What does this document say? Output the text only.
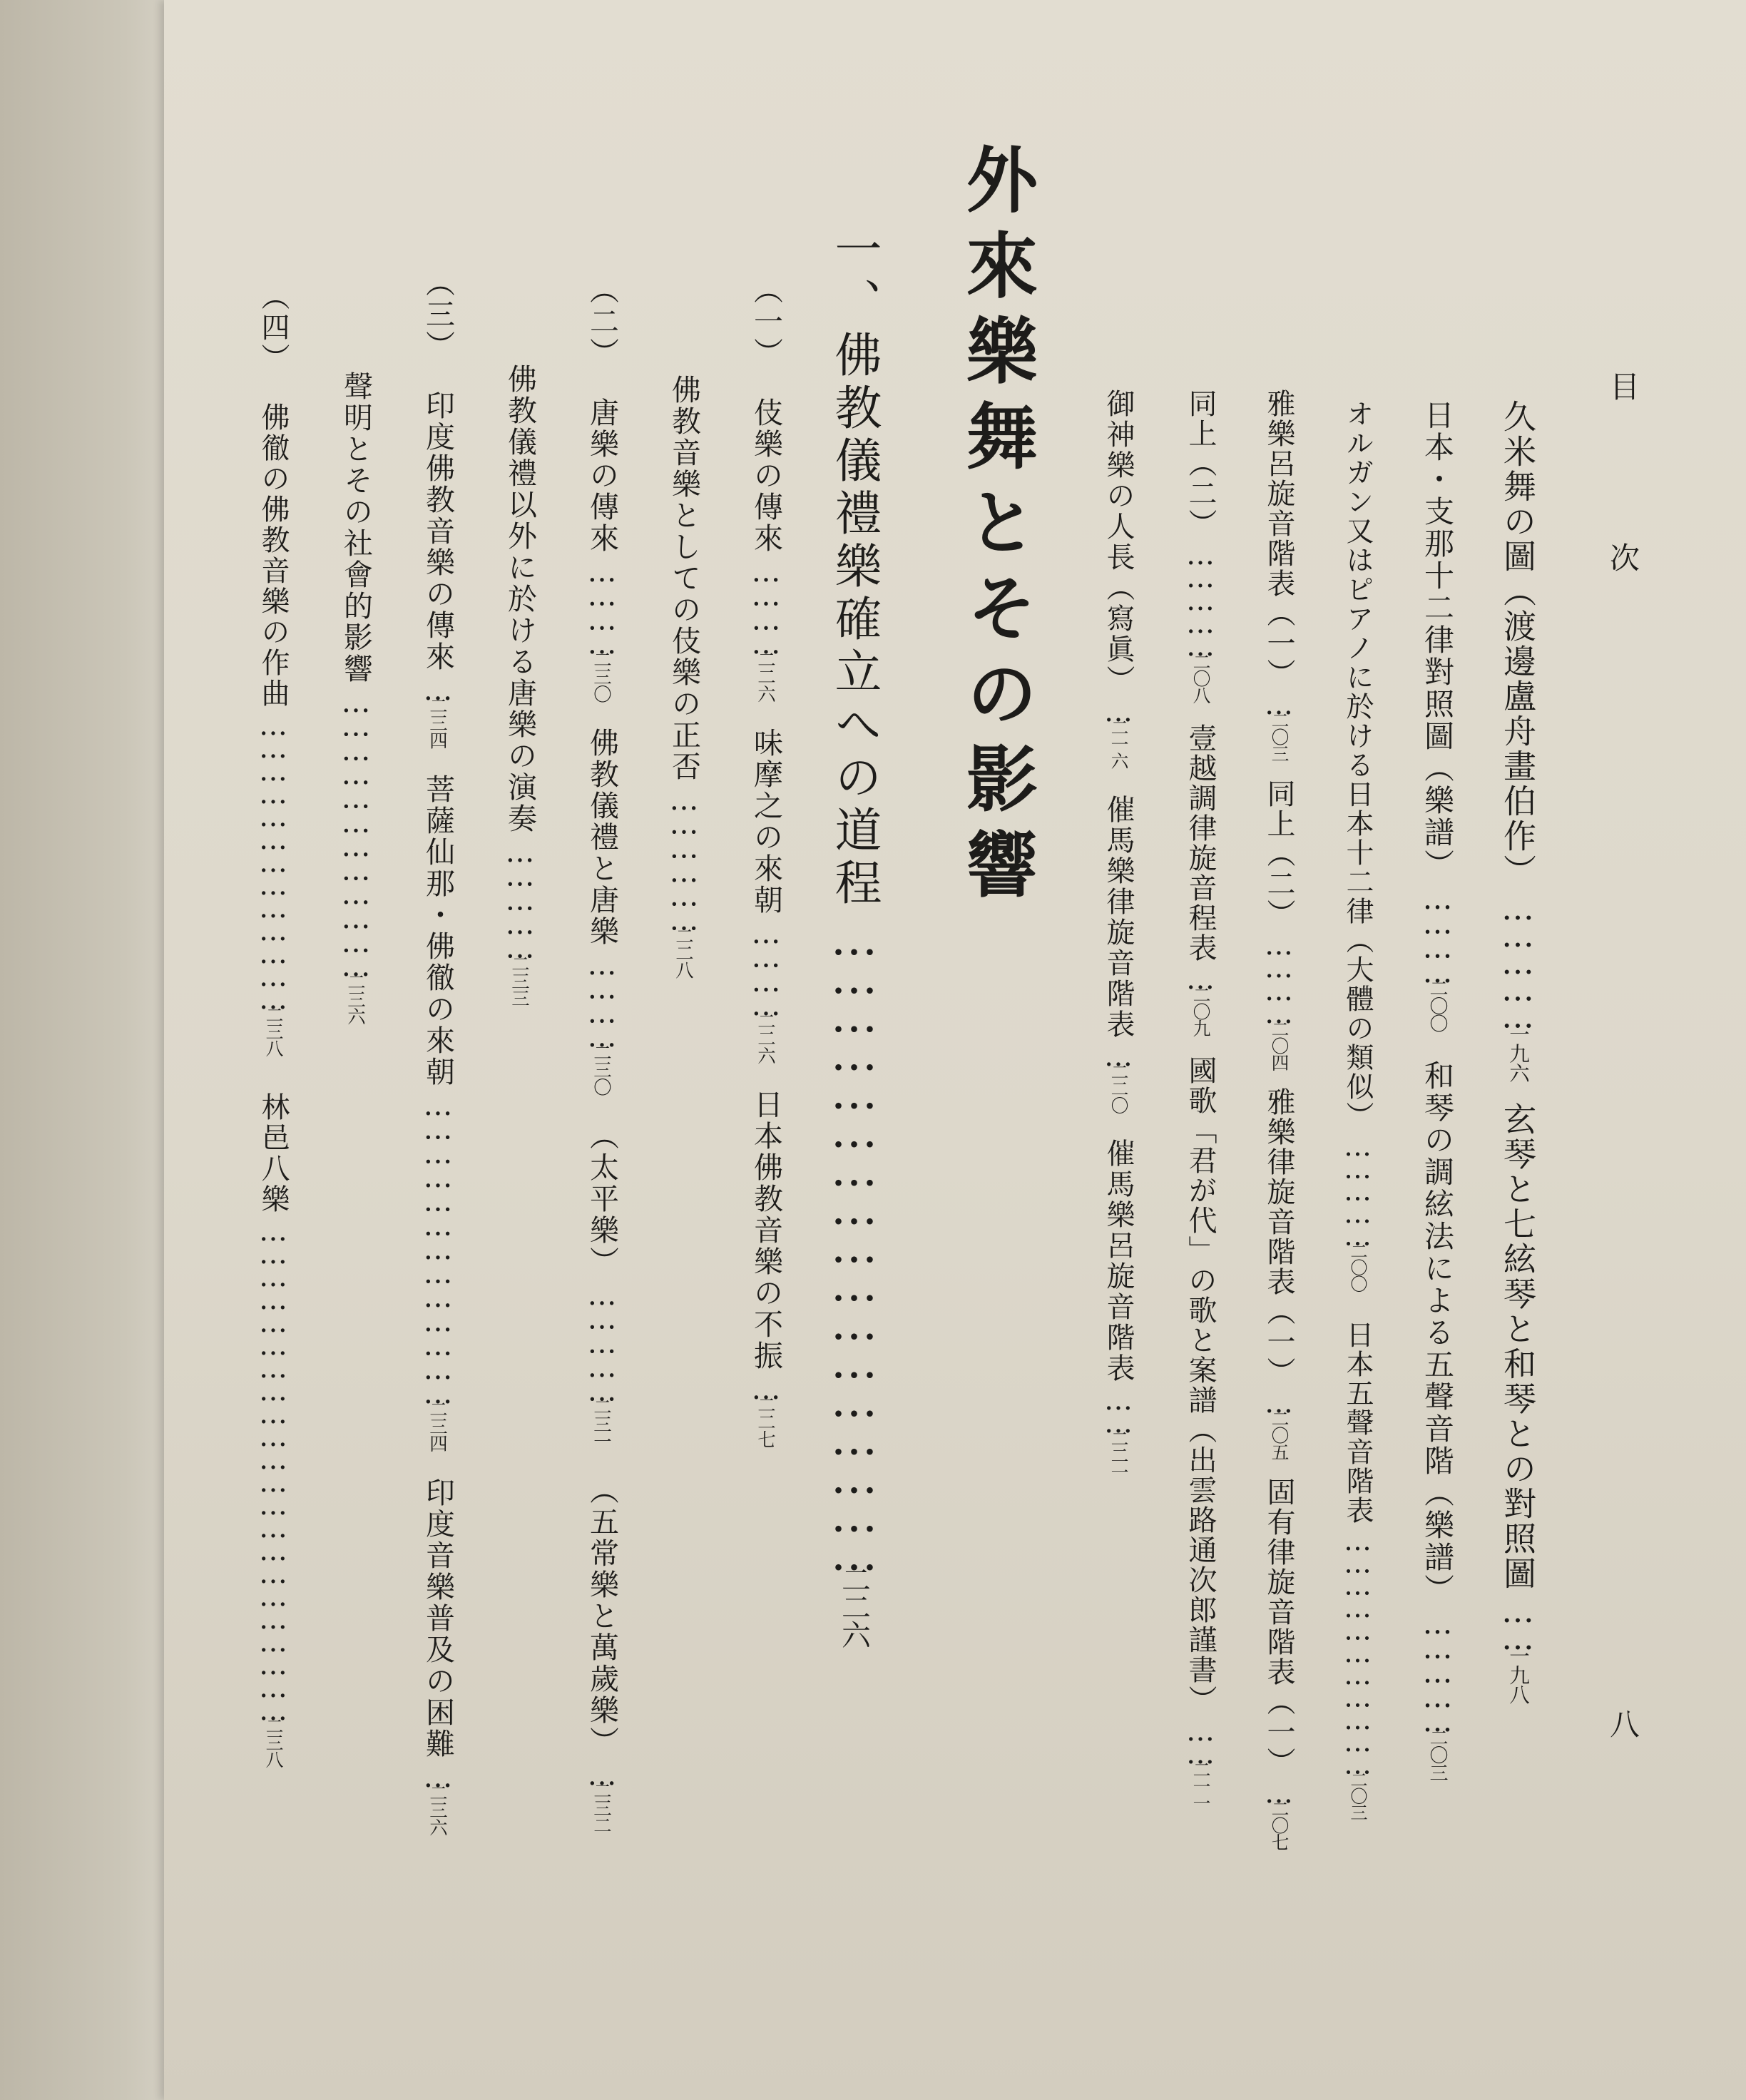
目
次
八
久米舞の圖（渡邊盧舟畫伯作）……………一九六玄琴と七絃琴と和琴との對照圖……一九八
日本・支那十二律對照圖（樂譜）…………二〇〇和琴の調絃法による五聲音階（樂譜）……………二〇三
オルガン又はピアノに於ける日本十二律（大體の類似）……………二〇〇日本五聲音階表……………………………二〇三
雅樂呂旋音階表（一）…二〇三同上（二）…………二〇四雅樂律旋音階表（一）…二〇五固有律旋音階表（一）…二〇七
同上（二）……………二〇八壹越調律旋音程表…二〇九國歌「君が代」の歌と案譜（出雲路通次郎謹書）……二一一
御神樂の人長（寫眞）…二一六催馬樂律旋音階表…二二〇催馬樂呂旋音階表……二二一
外來樂舞とその影響
一、佛教儀禮樂確立への道程……………………………………………二二六
（一）伎樂の傳來…………二二六味摩之の來朝…………二二六日本佛教音樂の不振…二二七
佛教音樂としての伎樂の正否………………二二八
（二）唐樂の傳來…………二三〇佛教儀禮と唐樂…………二三〇（太平樂）……………二三一（五常樂と萬歲樂）…二三二
佛教儀禮以外に於ける唐樂の演奏……………二三三
（三）印度佛教音樂の傳來…二三四菩薩仙那・佛徹の來朝…………………………………二三四印度音樂普及の困難…二三六
聲明とその社會的影響………………………………二三六
（四）佛徹の佛教音樂の作曲…………………………………二三八林邑八樂…………………………………………………………二三八
